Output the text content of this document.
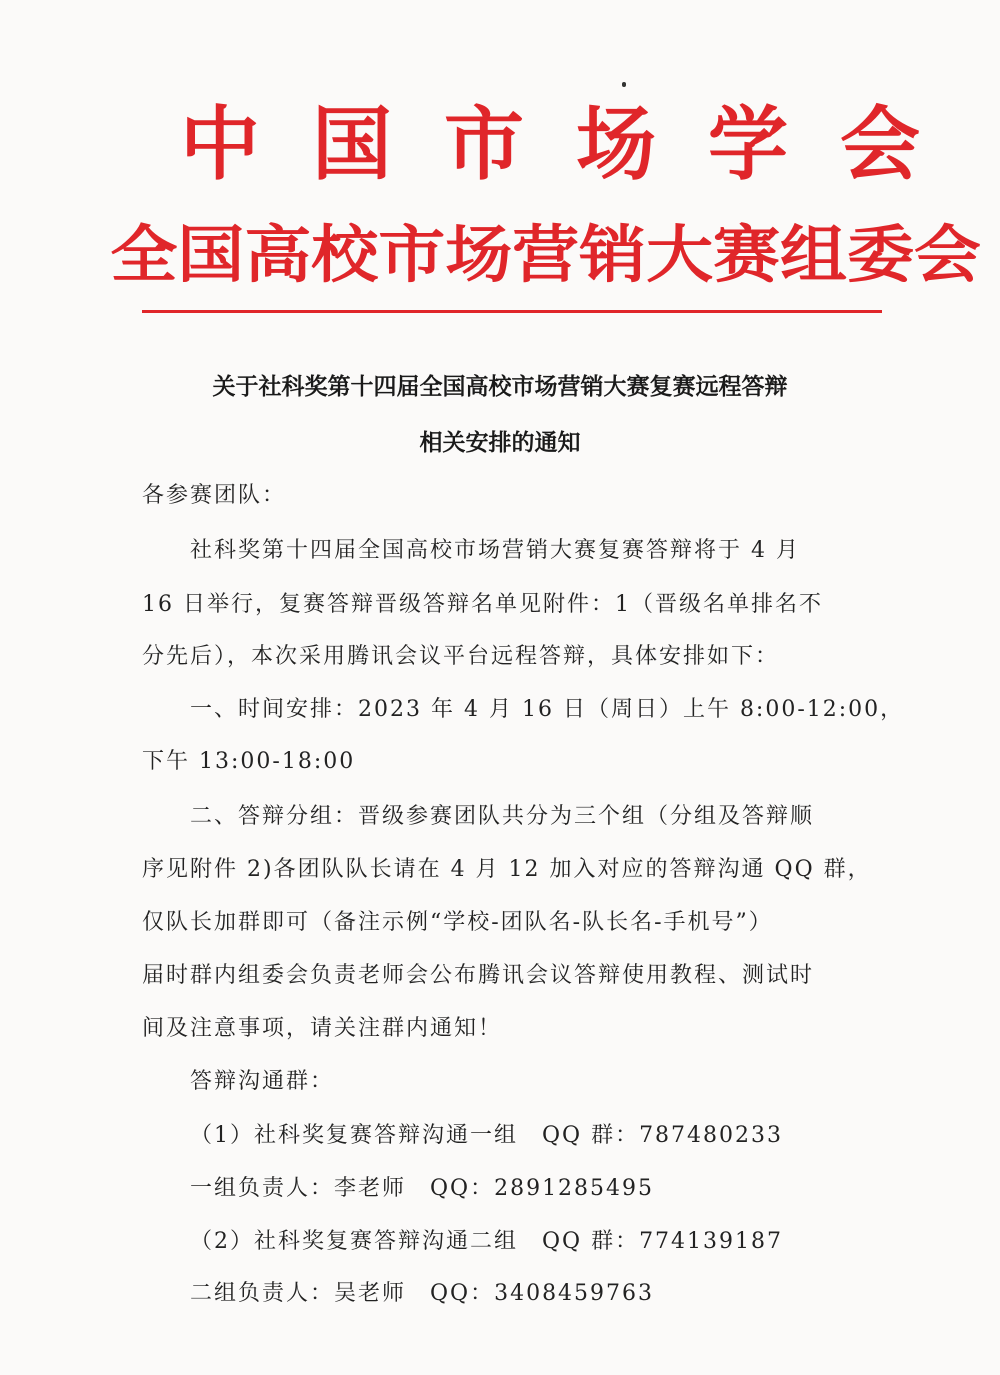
中国市场学会
全国高校市场营销大赛组委会
关于社科奖第十四届全国高校市场营销大赛复赛远程答辩
相关安排的通知
各参赛团队：
社科奖第十四届全国高校市场营销大赛复赛答辩将于 4 月
16 日举行，复赛答辩晋级答辩名单见附件：1（晋级名单排名不
分先后），本次采用腾讯会议平台远程答辩，具体安排如下：
一、时间安排：2023 年 4 月 16 日（周日）上午 8:00-12:00，
下午 13:00-18:00
二、答辩分组：晋级参赛团队共分为三个组（分组及答辩顺
序见附件 2)各团队队长请在 4 月 12 加入对应的答辩沟通 QQ 群，
仅队长加群即可（备注示例“学校-团队名-队长名-手机号”）
届时群内组委会负责老师会公布腾讯会议答辩使用教程、测试时
间及注意事项，请关注群内通知！
答辩沟通群：
（1）社科奖复赛答辩沟通一组　QQ 群：787480233
一组负责人：李老师　QQ：2891285495
（2）社科奖复赛答辩沟通二组　QQ 群：774139187
二组负责人：吴老师　QQ：3408459763
